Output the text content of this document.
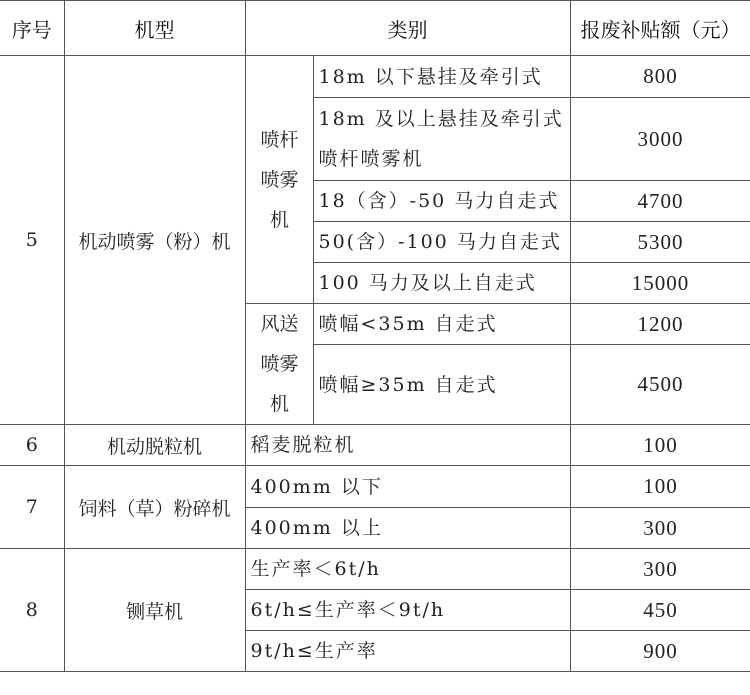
序号	机型	类别		报废补贴额（元）
5	机动喷雾（粉）机	喷杆喷雾机	18m 以下悬挂及牵引式	800
			18m 及以上悬挂及牵引式喷杆喷雾机	3000
			18（含）-50 马力自走式	4700
			50(含）-100 马力自走式	5300
			100 马力及以上自走式	15000

		风送喷雾机	喷幅<35m 自走式	1200
			喷幅≥35m 自走式	4500
6	机动脱粒机	稻麦脱粒机		100
7	饲料（草）粉碎机	400mm 以下		100
		400mm 以上		300
8	铡草机	生产率＜6t/h		300
		6t/h≤生产率＜9t/h		450
		9t/h≤生产率		900
